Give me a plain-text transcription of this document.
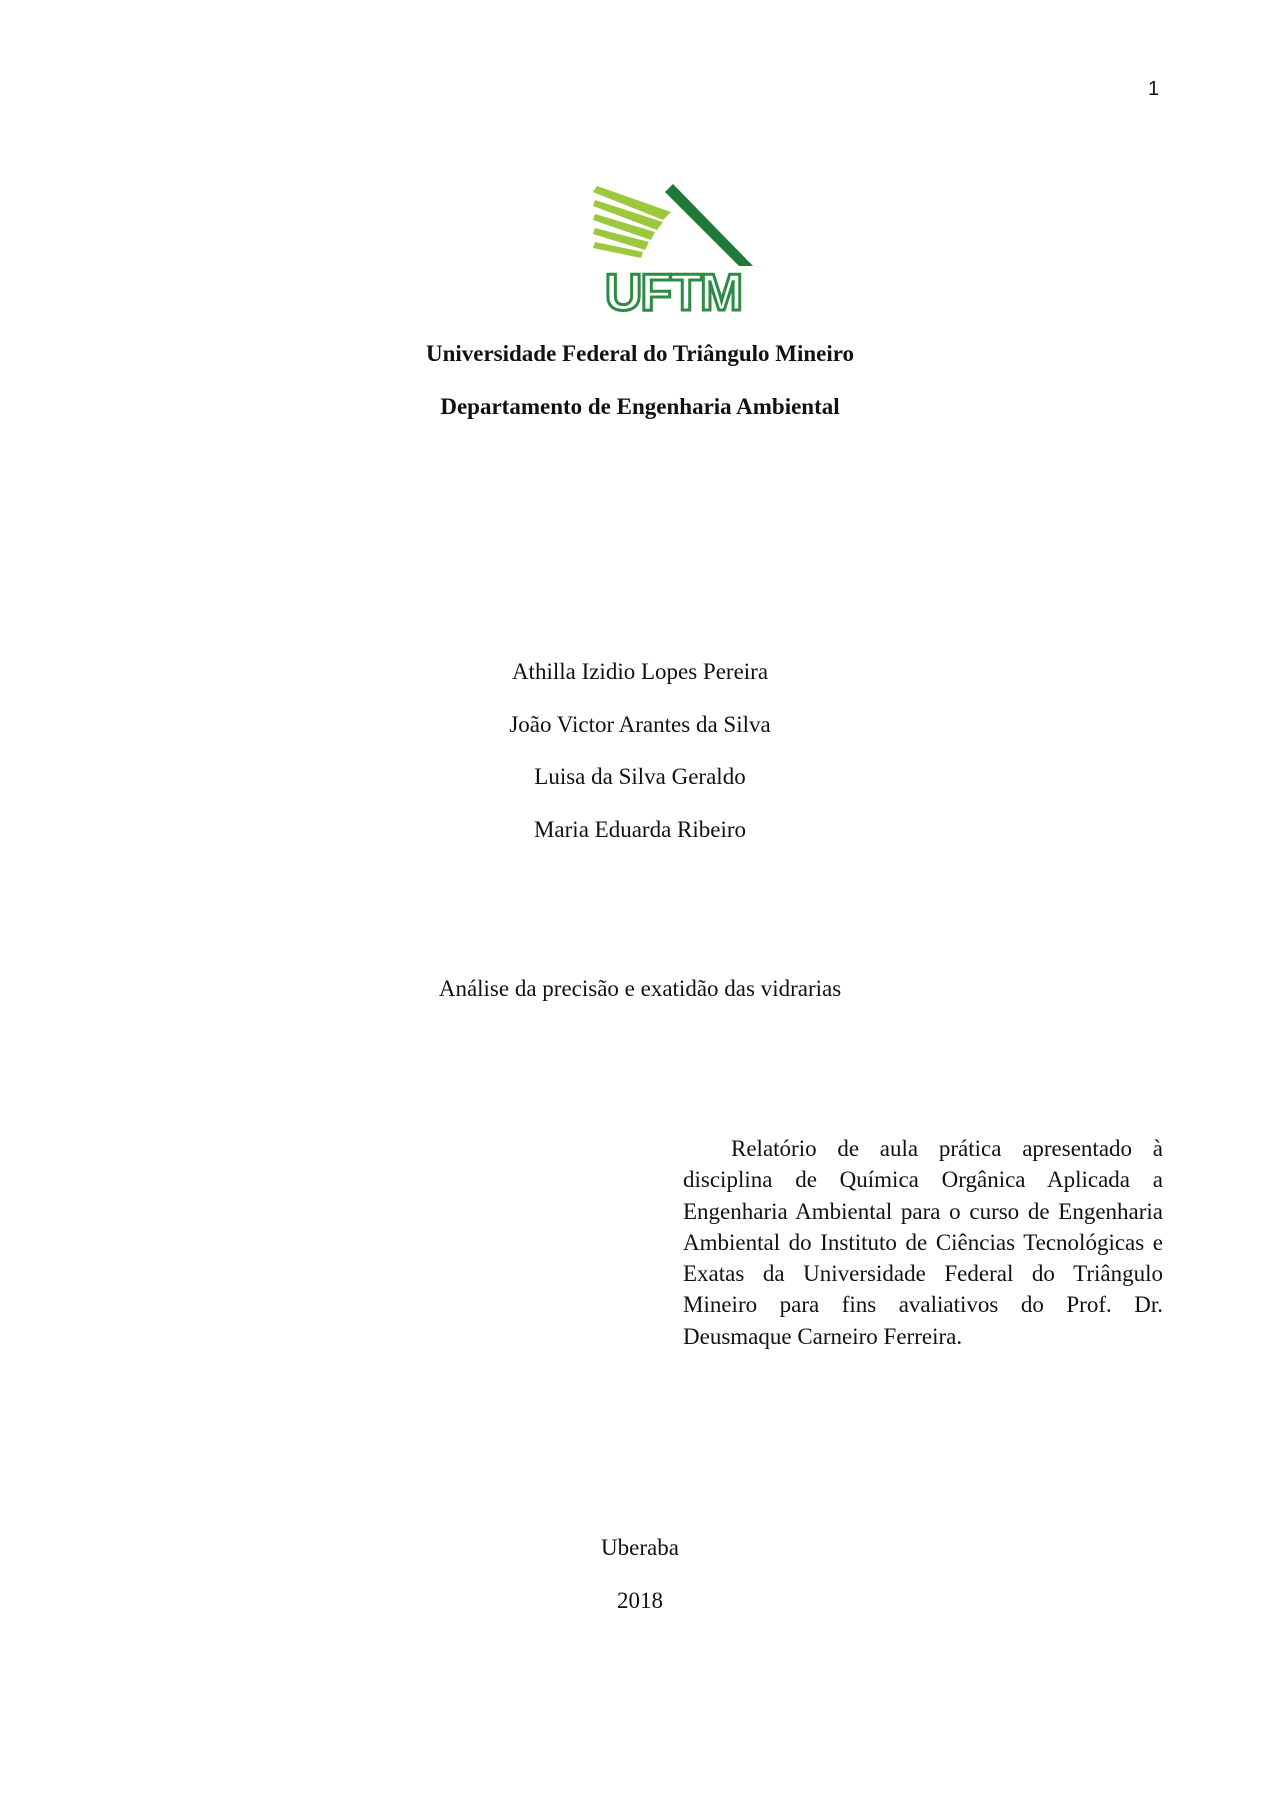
1
UFTM
Universidade Federal do Triângulo Mineiro
Departamento de Engenharia Ambiental
Athilla Izidio Lopes Pereira
João Victor Arantes da Silva
Luisa da Silva Geraldo
Maria Eduarda Ribeiro
Análise da precisão e exatidão das vidrarias
Relatório de aula prática apresentado à disciplina de Química Orgânica Aplicada a Engenharia Ambiental para o curso de Engenharia Ambiental do Instituto de Ciências Tecnológicas e Exatas da Universidade Federal do Triângulo Mineiro para fins avaliativos do Prof. Dr. Deusmaque Carneiro Ferreira.
Uberaba
2018
